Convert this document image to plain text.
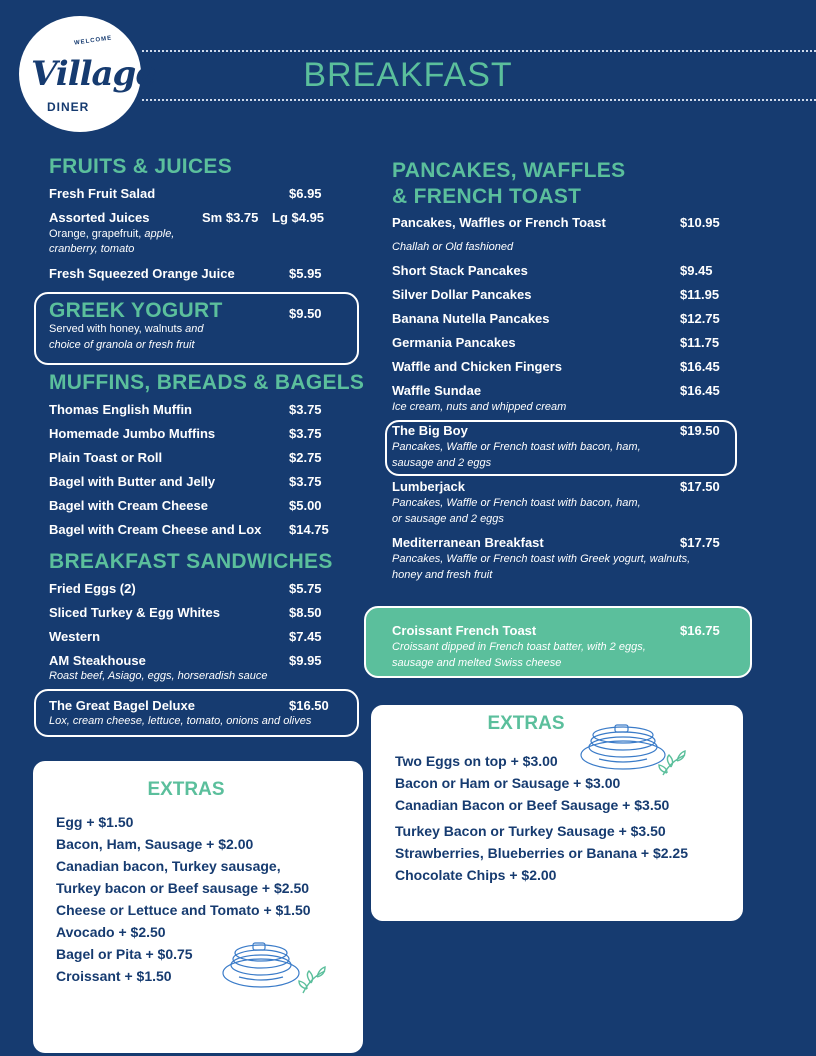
WELCOME
Village
DINER
BREAKFAST
FRUITS & JUICES
Fresh Fruit Salad	$6.95
Assorted Juices	Sm $3.75 Lg $4.95
Orange, grapefruit, apple,
cranberry, tomato
Fresh Squeezed Orange Juice	$5.95
GREEK YOGURT	$9.50
Served with honey, walnuts and
choice of granola or fresh fruit
MUFFINS, BREADS & BAGELS
Thomas English Muffin	$3.75
Homemade Jumbo Muffins	$3.75
Plain Toast or Roll	$2.75
Bagel with Butter and Jelly	$3.75
Bagel with Cream Cheese	$5.00
Bagel with Cream Cheese and Lox $14.75
BREAKFAST SANDWICHES
Fried Eggs (2)	$5.75
Sliced Turkey & Egg Whites	$8.50
Western	$7.45
AM Steakhouse	$9.95
Roast beef, Asiago, eggs, horseradish sauce
The Great Bagel Deluxe	$16.50
Lox, cream cheese, lettuce, tomato, onions and olives
EXTRAS
Egg + $1.50
Bacon, Ham, Sausage + $2.00
Canadian bacon, Turkey sausage,
Turkey bacon or Beef sausage + $2.50
Cheese or Lettuce and Tomato + $1.50
Avocado + $2.50
Bagel or Pita + $0.75
Croissant + $1.50
PANCAKES, WAFFLES
& FRENCH TOAST
Pancakes, Waffles or French Toast	$10.95
Challah or Old fashioned
Short Stack Pancakes	$9.45
Silver Dollar Pancakes	$11.95
Banana Nutella Pancakes	$12.75
Germania Pancakes	$11.75
Waffle and Chicken Fingers	$16.45
Waffle Sundae	$16.45
Ice cream, nuts and whipped cream
The Big Boy	$19.50
Pancakes, Waffle or French toast with bacon, ham,
sausage and 2 eggs
Lumberjack	$17.50
Pancakes, Waffle or French toast with bacon, ham,
or sausage and 2 eggs
Mediterranean Breakfast	$17.75
Pancakes, Waffle or French toast with Greek yogurt, walnuts,
honey and fresh fruit
Croissant French Toast	$16.75
Croissant dipped in French toast batter, with 2 eggs,
sausage and melted Swiss cheese
EXTRAS
Two Eggs on top + $3.00
Bacon or Ham or Sausage + $3.00
Canadian Bacon or Beef Sausage + $3.50
Turkey Bacon or Turkey Sausage + $3.50
Strawberries, Blueberries or Banana + $2.25
Chocolate Chips + $2.00
